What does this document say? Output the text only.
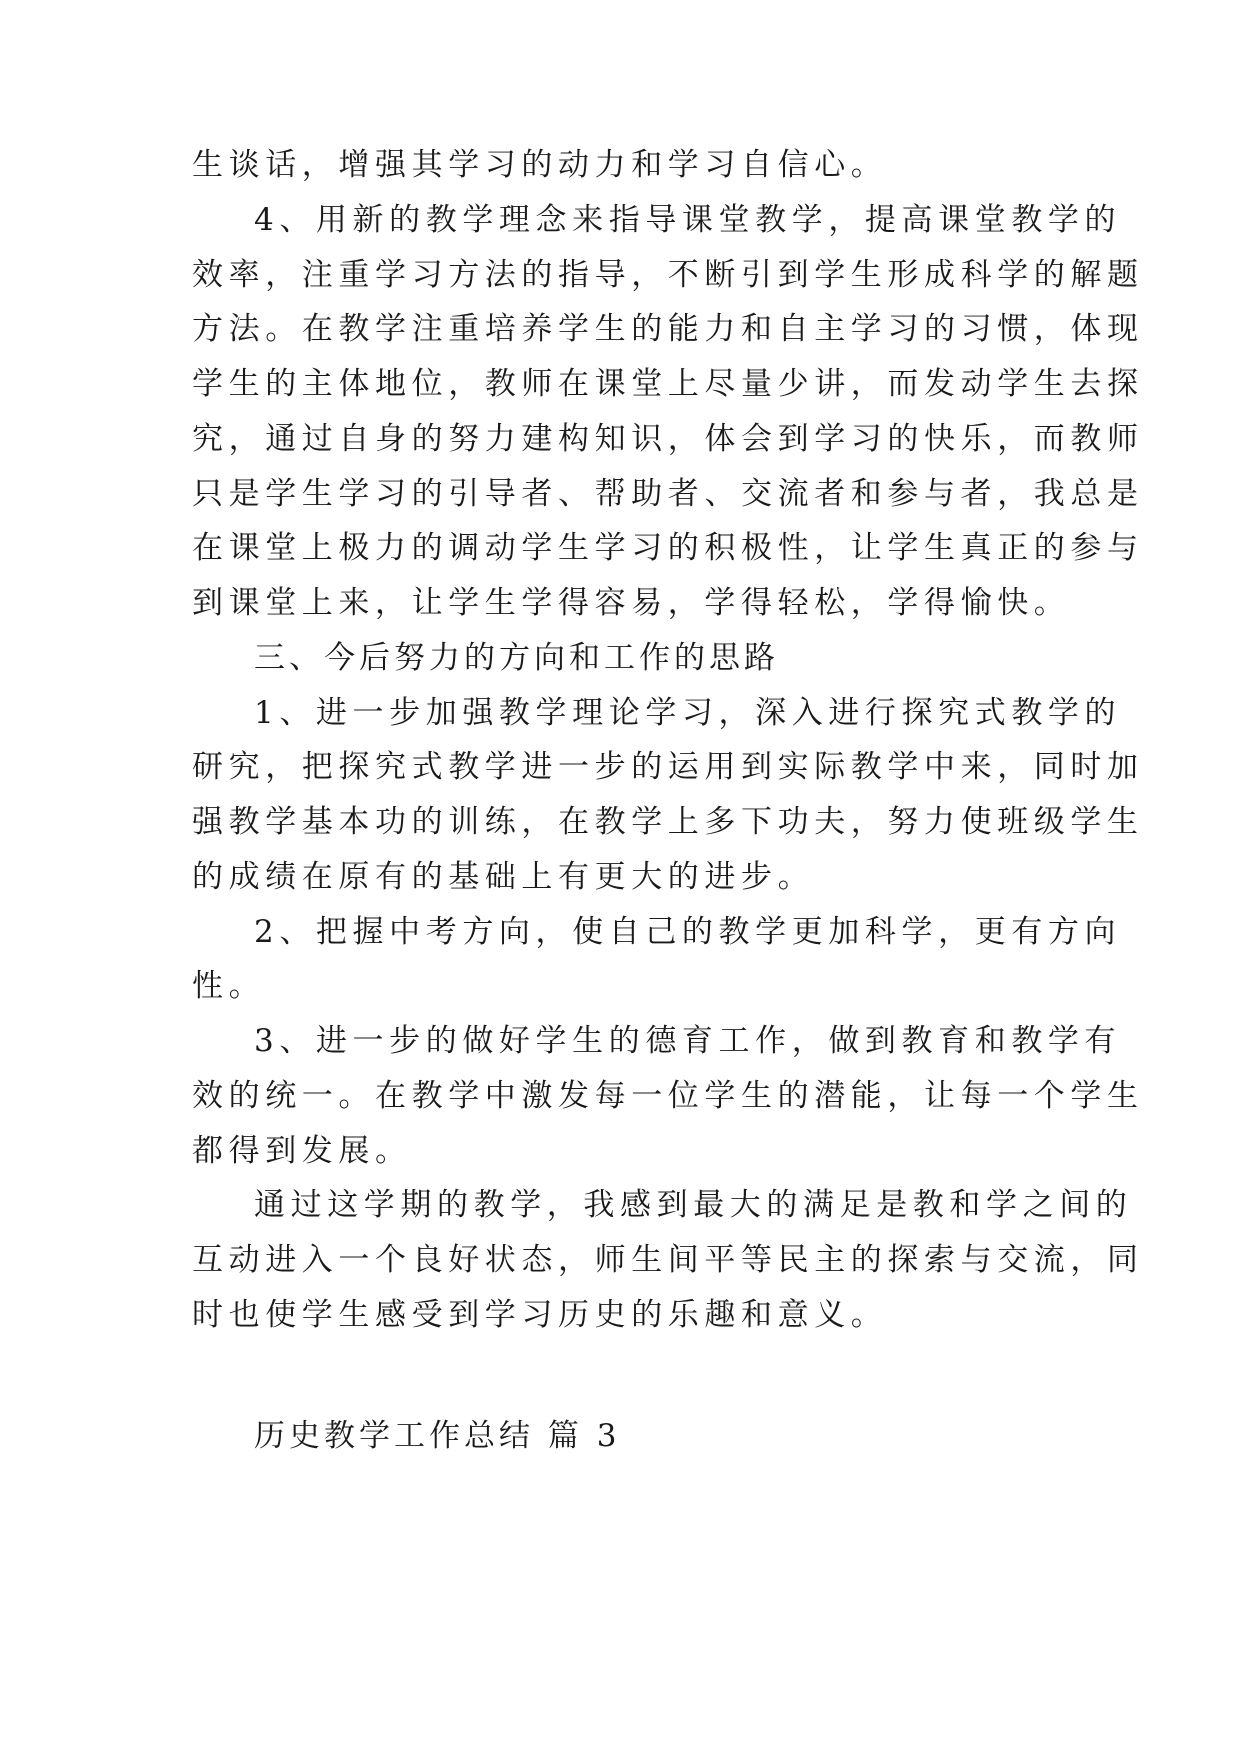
生谈话，增强其学习的动力和学习自信心。
4、用新的教学理念来指导课堂教学，提高课堂教学的
效率，注重学习方法的指导，不断引到学生形成科学的解题
方法。在教学注重培养学生的能力和自主学习的习惯，体现
学生的主体地位，教师在课堂上尽量少讲，而发动学生去探
究，通过自身的努力建构知识，体会到学习的快乐，而教师
只是学生学习的引导者、帮助者、交流者和参与者，我总是
在课堂上极力的调动学生学习的积极性，让学生真正的参与
到课堂上来，让学生学得容易，学得轻松，学得愉快。
三、今后努力的方向和工作的思路
1、进一步加强教学理论学习，深入进行探究式教学的
研究，把探究式教学进一步的运用到实际教学中来，同时加
强教学基本功的训练，在教学上多下功夫，努力使班级学生
的成绩在原有的基础上有更大的进步。
2、把握中考方向，使自己的教学更加科学，更有方向
性。
3、进一步的做好学生的德育工作，做到教育和教学有
效的统一。在教学中激发每一位学生的潜能，让每一个学生
都得到发展。
通过这学期的教学，我感到最大的满足是教和学之间的
互动进入一个良好状态，师生间平等民主的探索与交流，同
时也使学生感受到学习历史的乐趣和意义。
历史教学工作总结 篇 3
